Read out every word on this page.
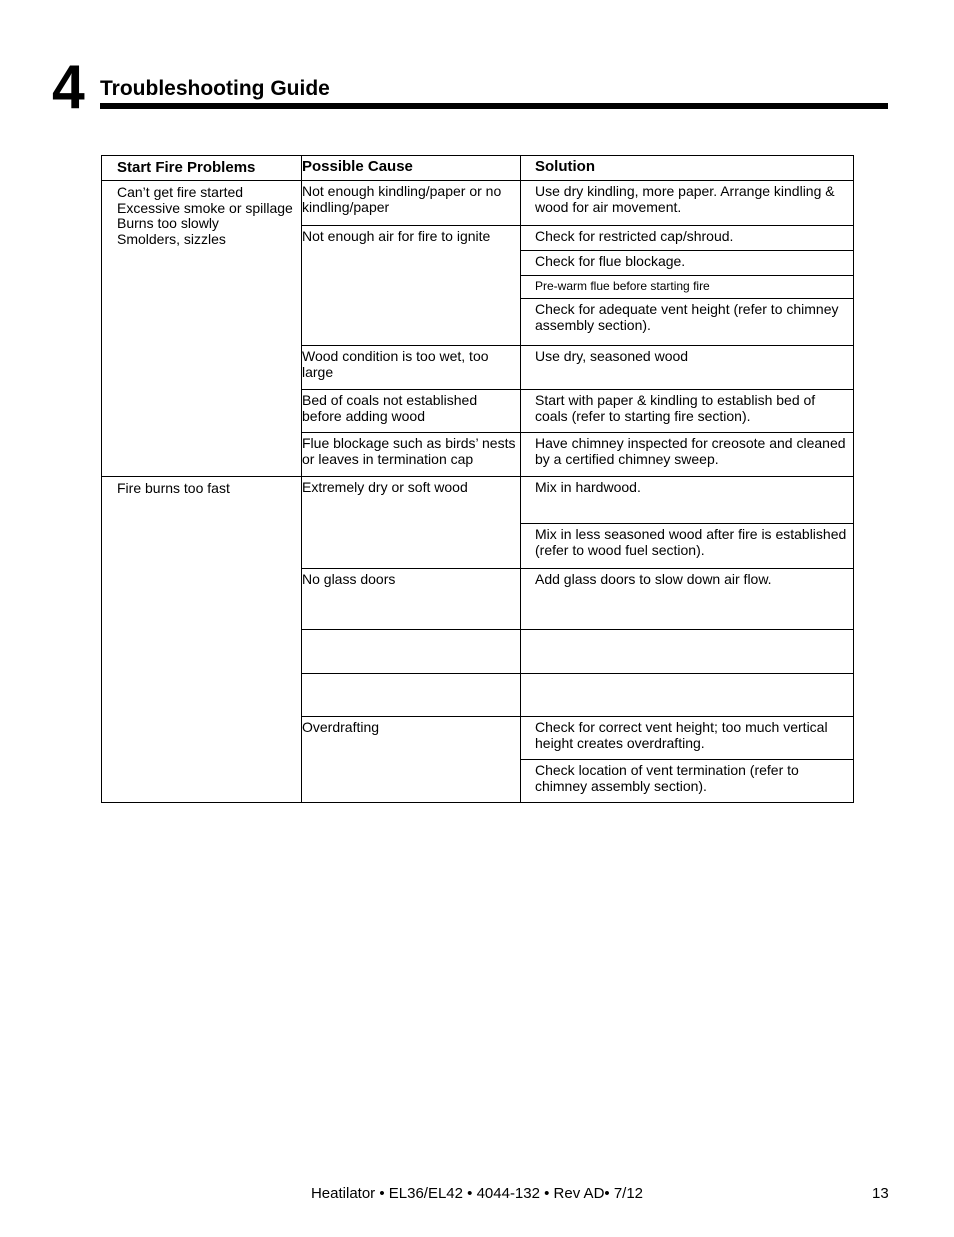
4 Troubleshooting Guide
Start Fire Problems	Possible Cause	Solution

Can’t get fire started
Excessive smoke or spillage
Burns too slowly
Smolders, sizzles	Not enough kindling/paper or no kindling/paper	Use dry kindling, more paper. Arrange kindling & wood for air movement.
	Not enough air for fire to ignite	Check for restricted cap/shroud.
		Check for flue blockage.
		Pre-warm flue before starting fire
		Check for adequate vent height (refer to chimney assembly section).
	Wood condition is too wet, too large	Use dry, seasoned wood
	Bed of coals not established before adding wood	Start with paper & kindling to establish bed of coals (refer to starting fire section).
	Flue blockage such as birds’ nests or leaves in termination cap	Have chimney inspected for creosote and cleaned by a certified chimney sweep.

Fire burns too fast	Extremely dry or soft wood	Mix in hardwood.
		Mix in less seasoned wood after fire is established (refer to wood fuel section).
	No glass doors	Add glass doors to slow down air flow.

	Overdrafting	Check for correct vent height; too much vertical height creates overdrafting.
		Check location of vent termination (refer to chimney assembly section).
Heatilator • EL36/EL42 • 4044-132 • Rev AD• 7/12	13
